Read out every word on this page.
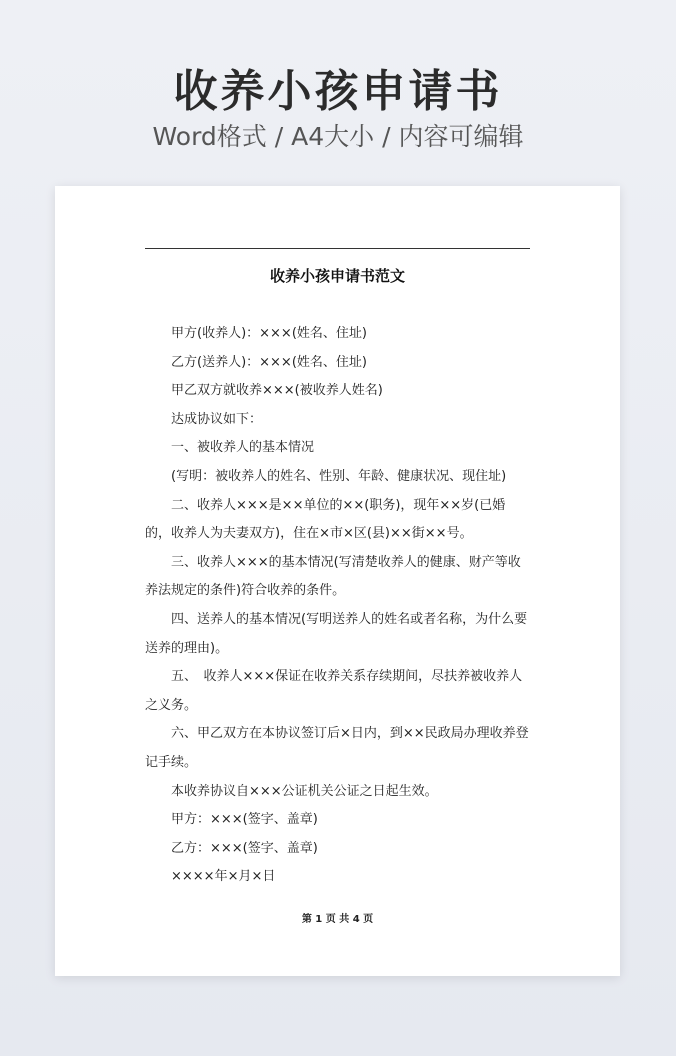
收养小孩申请书
Word格式 / A4大小 / 内容可编辑
收养小孩申请书范文

甲方(收养人)：×××(姓名、住址)

乙方(送养人)：×××(姓名、住址)

甲乙双方就收养×××(被收养人姓名)

达成协议如下：

一、被收养人的基本情况

(写明：被收养人的姓名、性别、年龄、健康状况、现住址)

二、收养人×××是××单位的××(职务)，现年××岁(已婚的，收养人为夫妻双方)，住在×市×区(县)××街××号。

三、收养人×××的基本情况(写清楚收养人的健康、财产等收养法规定的条件)符合收养的条件。

四、送养人的基本情况(写明送养人的姓名或者名称，为什么要送养的理由)。

五、　收养人×××保证在收养关系存续期间，尽扶养被收养人之义务。

六、甲乙双方在本协议签订后×日内，到××民政局办理收养登记手续。

本收养协议自×××公证机关公证之日起生效。

甲方：×××(签字、盖章)

乙方：×××(签字、盖章)

××××年×月×日

第 1 页 共 4 页
